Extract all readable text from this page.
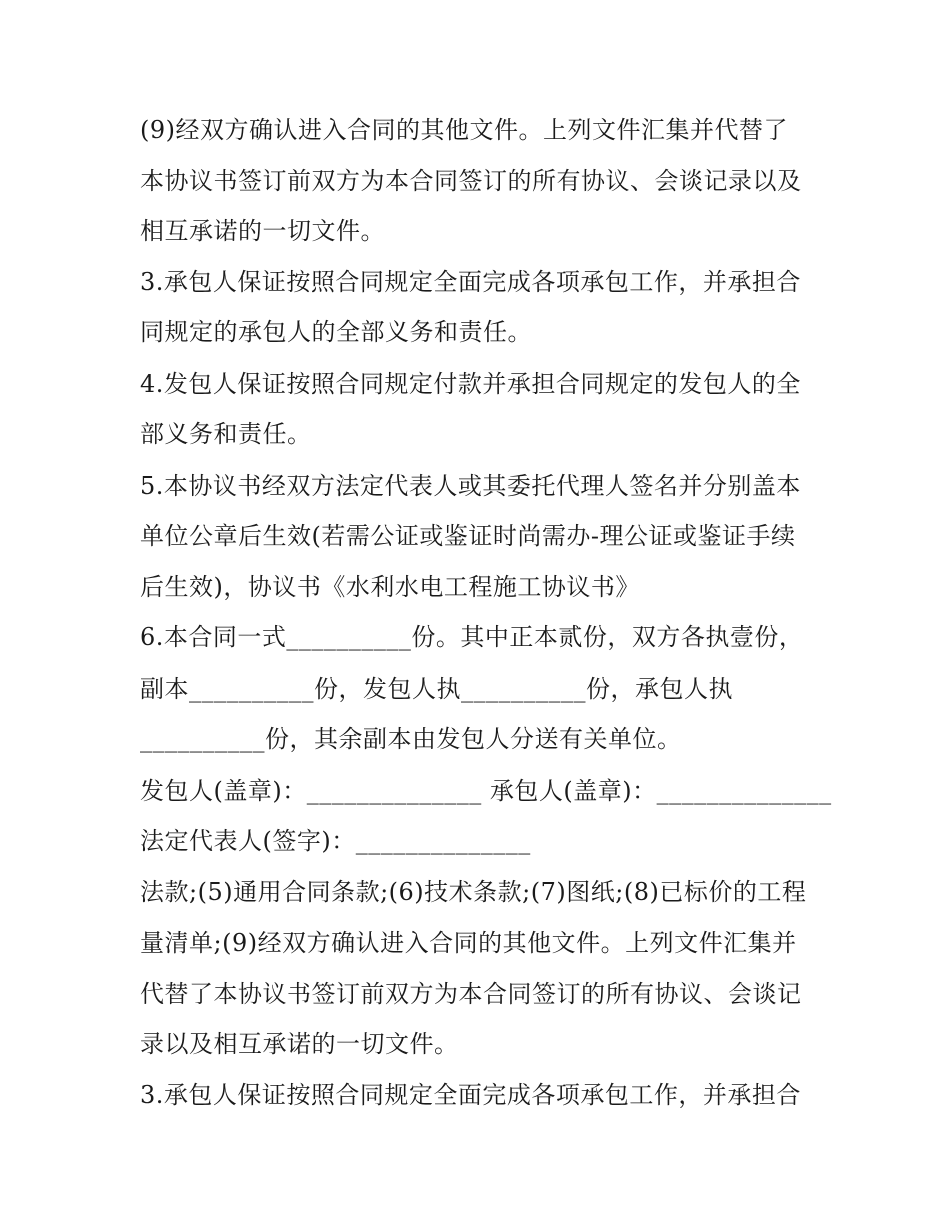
(9)经双方确认进入合同的其他文件。上列文件汇集并代替了
本协议书签订前双方为本合同签订的所有协议、会谈记录以及
相互承诺的一切文件。
3.承包人保证按照合同规定全面完成各项承包工作，并承担合
同规定的承包人的全部义务和责任。
4.发包人保证按照合同规定付款并承担合同规定的发包人的全
部义务和责任。
5.本协议书经双方法定代表人或其委托代理人签名并分别盖本
单位公章后生效(若需公证或鉴证时尚需办-理公证或鉴证手续
后生效)，协议书《水利水电工程施工协议书》
6.本合同一式__________份。其中正本贰份，双方各执壹份，
副本__________份，发包人执__________份，承包人执
__________份，其余副本由发包人分送有关单位。
发包人(盖章)：______________ 承包人(盖章)：______________
法定代表人(签字)：______________
法款;(5)通用合同条款;(6)技术条款;(7)图纸;(8)已标价的工程
量清单;(9)经双方确认进入合同的其他文件。上列文件汇集并
代替了本协议书签订前双方为本合同签订的所有协议、会谈记
录以及相互承诺的一切文件。
3.承包人保证按照合同规定全面完成各项承包工作，并承担合
